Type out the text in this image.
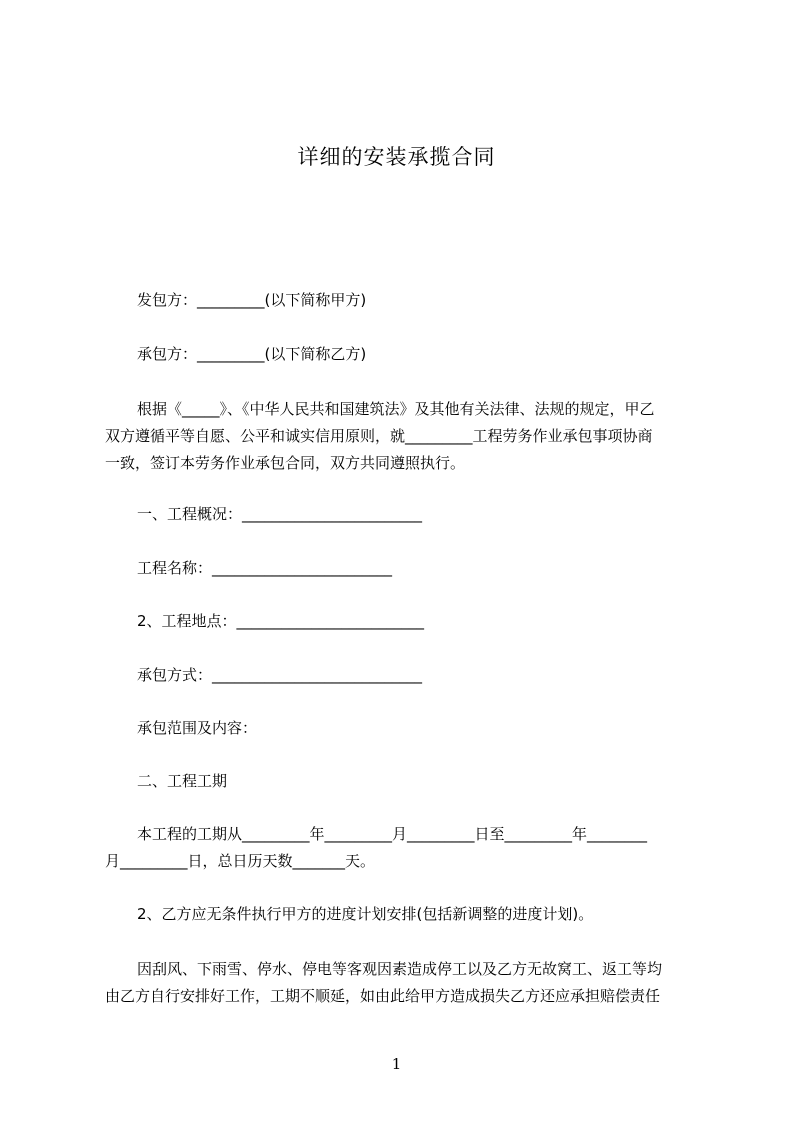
详细的安装承揽合同
发包方：_________(以下简称甲方)
承包方：_________(以下简称乙方)
根据《_____》、《中华人民共和国建筑法》及其他有关法律、法规的规定，甲乙
双方遵循平等自愿、公平和诚实信用原则，就_________工程劳务作业承包事项协商
一致，签订本劳务作业承包合同，双方共同遵照执行。
一、工程概况：________________________
工程名称：________________________
2、工程地点：_________________________
承包方式：____________________________
承包范围及内容：
二、工程工期
本工程的工期从_________年_________月_________日至_________年________
月_________日，总日历天数_______天。
2、乙方应无条件执行甲方的进度计划安排(包括新调整的进度计划)。
因刮风、下雨雪、停水、停电等客观因素造成停工以及乙方无故窝工、返工等均
由乙方自行安排好工作，工期不顺延，如由此给甲方造成损失乙方还应承担赔偿责任
1
